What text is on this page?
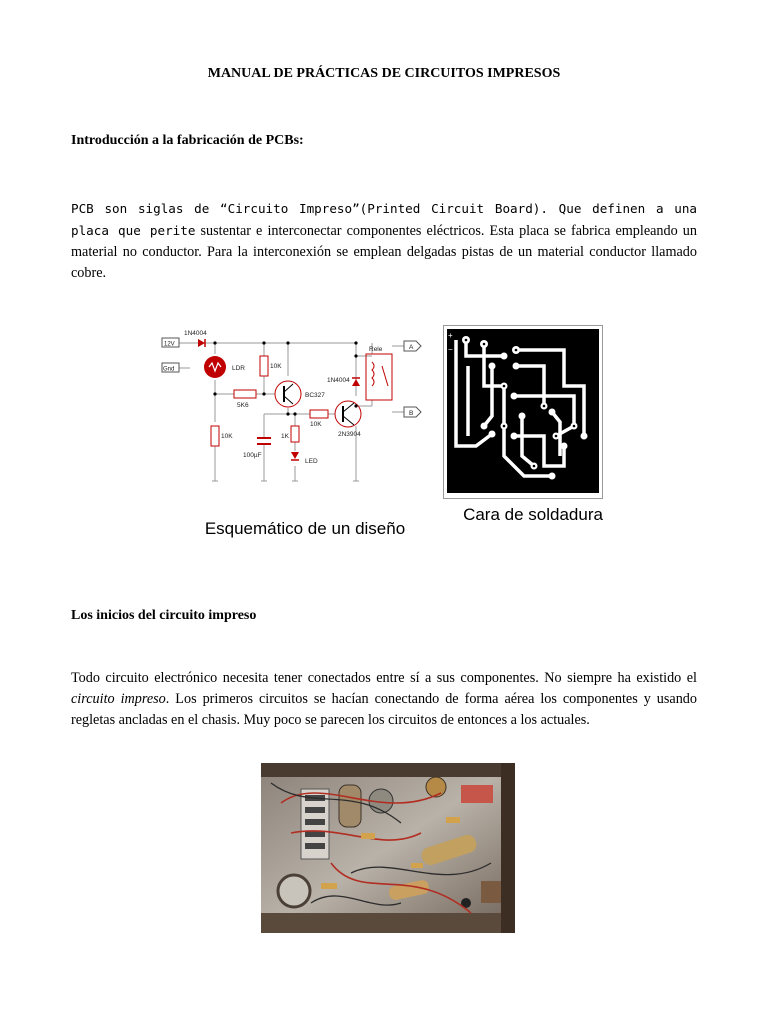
MANUAL DE PRÁCTICAS DE CIRCUITOS IMPRESOS
Introducción a la fabricación de PCBs:
PCB son siglas de “Circuito Impreso”(Printed Circuit Board). Que definen a una placa que perite sustentar e interconectar componentes eléctricos. Esta placa se fabrica empleando un material no conductor. Para la interconexión se emplean delgadas pistas de un material conductor llamado cobre.
1N4004
12V
Gnd	LDR	10K
5K6
BC327
10K
2N3904
10K	1K
100µF
LED
1N4004
Rele	A
B
Esquemático de un diseño
+
−
Cara de soldadura
Los inicios del circuito impreso
Todo circuito electrónico necesita tener conectados entre sí a sus componentes. No siempre ha existido el circuito impreso. Los primeros circuitos se hacían conectando de forma aérea los componentes y usando regletas ancladas en el chasis. Muy poco se parecen los circuitos de entonces a los actuales.
